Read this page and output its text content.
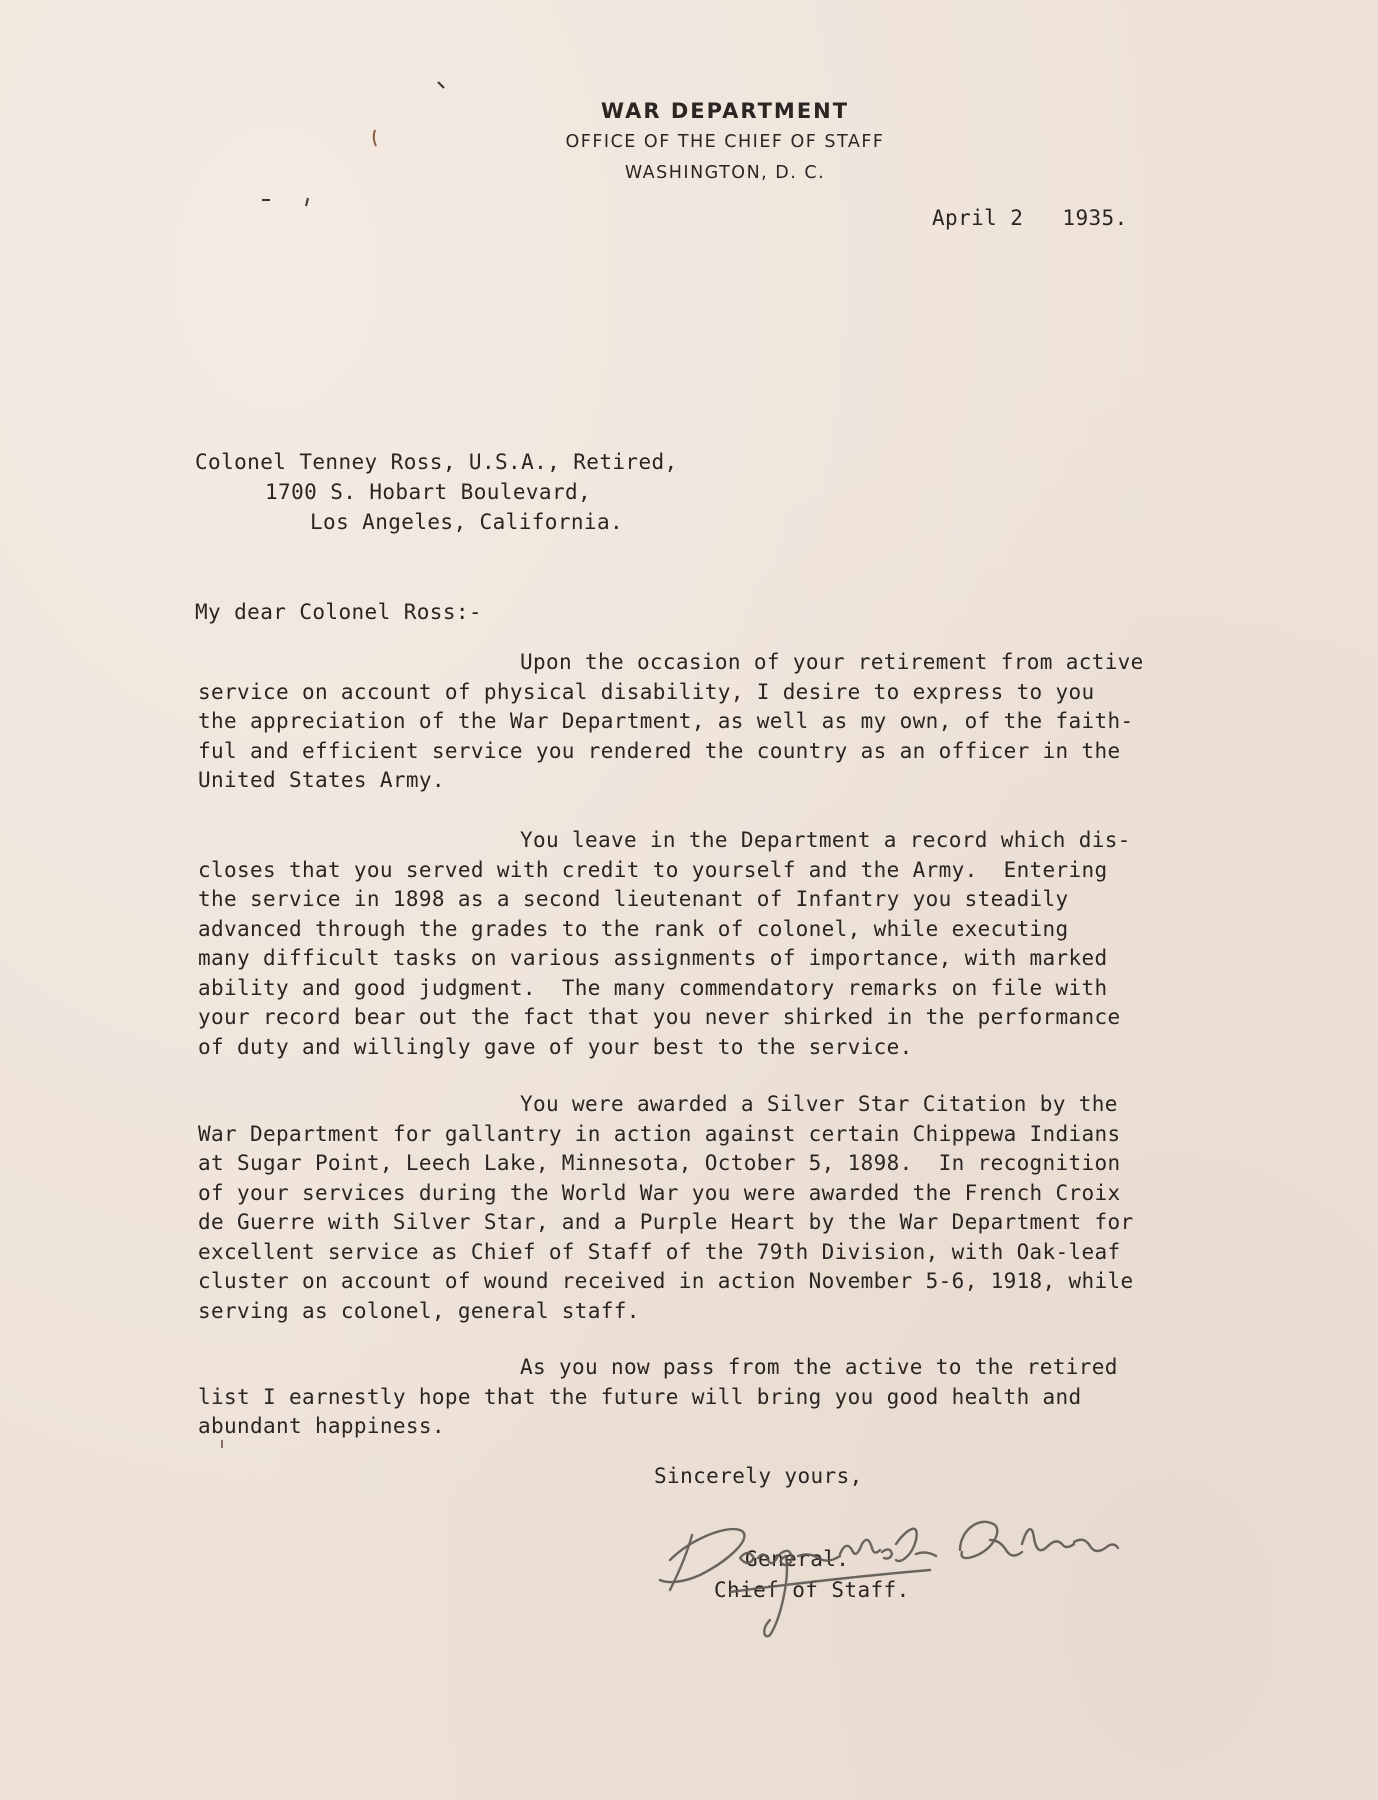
WAR DEPARTMENT
OFFICE OF THE CHIEF OF STAFF
WASHINGTON, D. C.
April 2   1935.
Colonel Tenney Ross, U.S.A., Retired,
1700 S. Hobart Boulevard,
Los Angeles, California.
My dear Colonel Ross:-
Upon the occasion of your retirement from active
service on account of physical disability, I desire to express to you
the appreciation of the War Department, as well as my own, of the faith-
ful and efficient service you rendered the country as an officer in the
United States Army.
You leave in the Department a record which dis-
closes that you served with credit to yourself and the Army.  Entering
the service in 1898 as a second lieutenant of Infantry you steadily
advanced through the grades to the rank of colonel, while executing
many difficult tasks on various assignments of importance, with marked
ability and good judgment.  The many commendatory remarks on file with
your record bear out the fact that you never shirked in the performance
of duty and willingly gave of your best to the service.
You were awarded a Silver Star Citation by the
War Department for gallantry in action against certain Chippewa Indians
at Sugar Point, Leech Lake, Minnesota, October 5, 1898.  In recognition
of your services during the World War you were awarded the French Croix
de Guerre with Silver Star, and a Purple Heart by the War Department for
excellent service as Chief of Staff of the 79th Division, with Oak-leaf
cluster on account of wound received in action November 5-6, 1918, while
serving as colonel, general staff.
As you now pass from the active to the retired
list I earnestly hope that the future will bring you good health and
abundant happiness.
Sincerely yours,
General.
Chief of Staff.
